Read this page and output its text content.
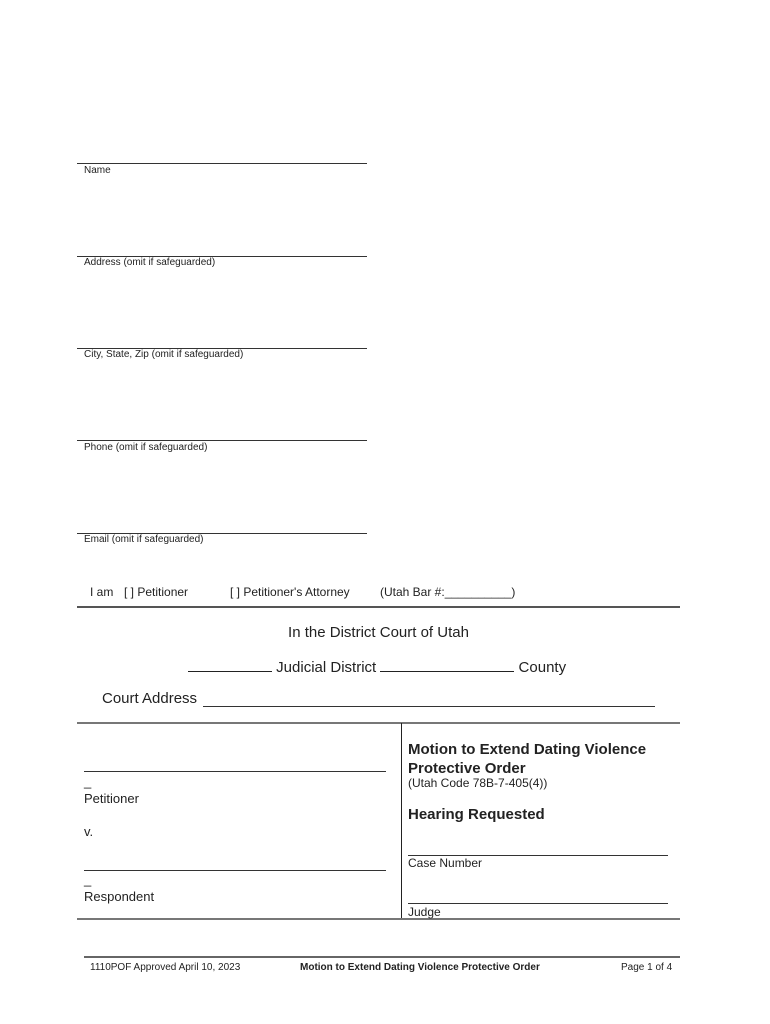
Name
Address (omit if safeguarded)
City, State, Zip (omit if safeguarded)
Phone (omit if safeguarded)
Email (omit if safeguarded)
I am [ ] Petitioner	[ ] Petitioner's Attorney	(Utah Bar #:__________)
In the District Court of Utah
Judicial District	County
Court Address
_
Petitioner
v.
_
Respondent
Motion to Extend Dating Violence Protective Order
(Utah Code 78B-7-405(4))
Hearing Requested
Case Number
Judge
1110POF Approved April 10, 2023	Motion to Extend Dating Violence Protective Order	Page 1 of 4
